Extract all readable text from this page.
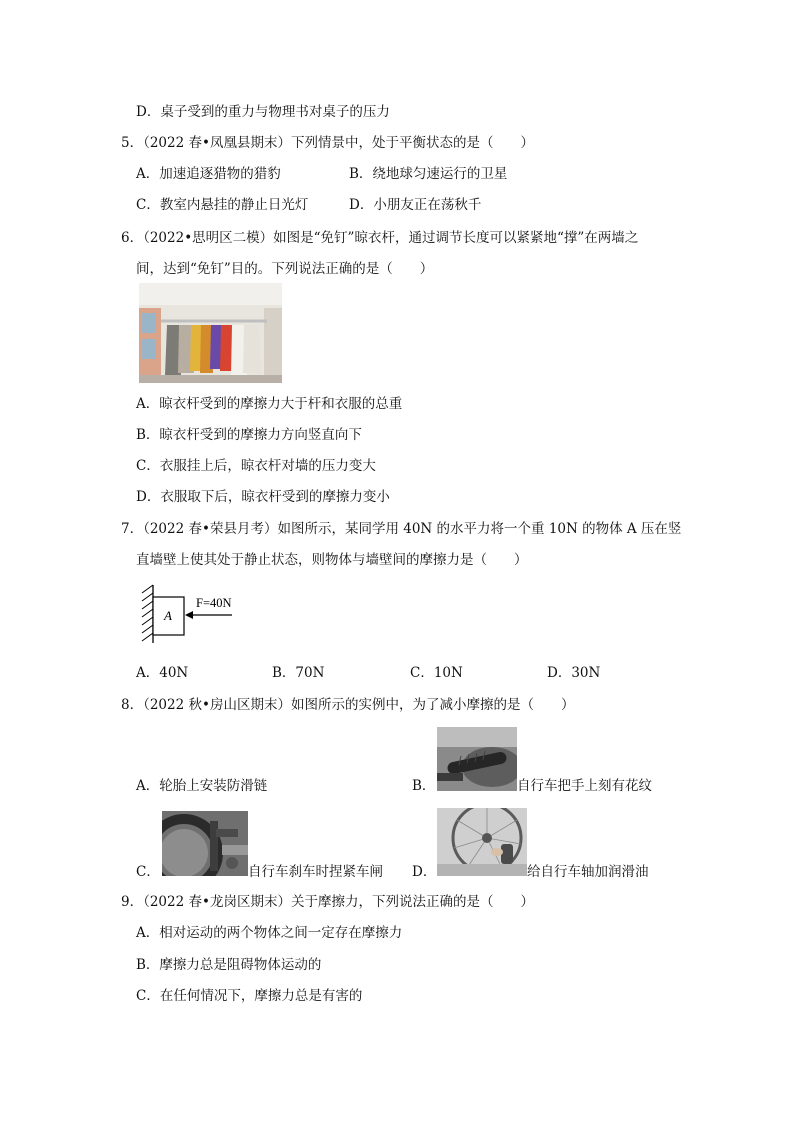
D．桌子受到的重力与物理书对桌子的压力
5．（2022 春•凤凰县期末）下列情景中，处于平衡状态的是（　　）
A．加速追逐猎物的猎豹	B．绕地球匀速运行的卫星
C．教室内悬挂的静止日光灯	D．小朋友正在荡秋千
6．（2022•思明区二模）如图是“免钉”晾衣杆，通过调节长度可以紧紧地“撑”在两墙之
间，达到“免钉”目的。下列说法正确的是（　　）
A．晾衣杆受到的摩擦力大于杆和衣服的总重
B．晾衣杆受到的摩擦力方向竖直向下
C．衣服挂上后，晾衣杆对墙的压力变大
D．衣服取下后，晾衣杆受到的摩擦力变小
7．（2022 春•荣县月考）如图所示，某同学用 40N 的水平力将一个重 10N 的物体 A 压在竖
直墙壁上使其处于静止状态，则物体与墙壁间的摩擦力是（　　）
A
F=40N
A．40N	B．70N	C．10N	D．30N
8．（2022 秋•房山区期末）如图所示的实例中，为了减小摩擦的是（　　）
A．轮胎上安装防滑链	B．	自行车把手上刻有花纹
C．	自行车刹车时捏紧车闸 D．	给自行车轴加润滑油
9．（2022 春•龙岗区期末）关于摩擦力，下列说法正确的是（　　）
A．相对运动的两个物体之间一定存在摩擦力
B．摩擦力总是阻碍物体运动的
C．在任何情况下，摩擦力总是有害的
